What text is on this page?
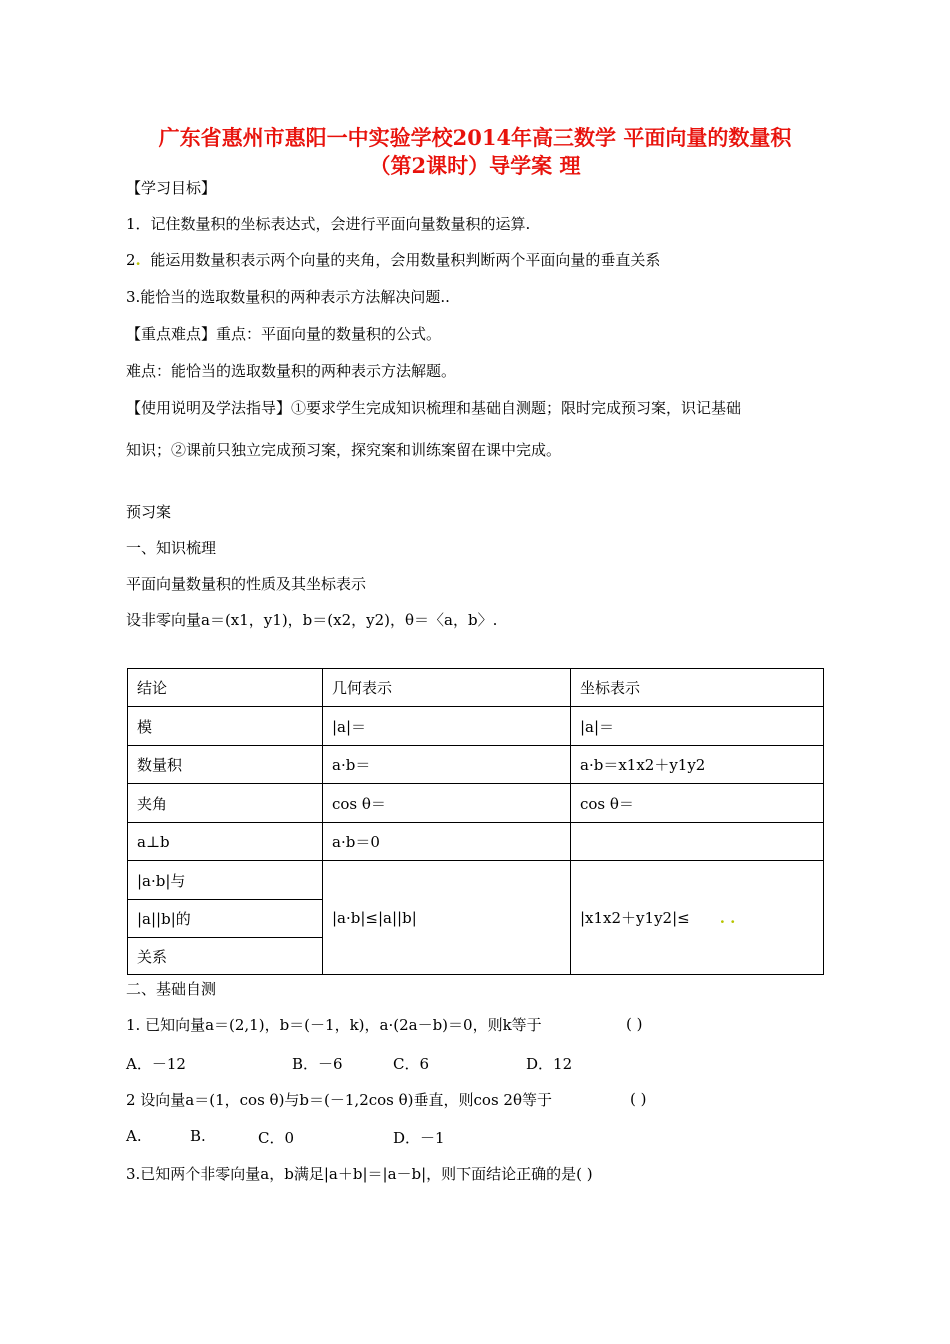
广东省惠州市惠阳一中实验学校2014年高三数学 平面向量的数量积
（第2课时）导学案 理
【学习目标】
1．记住数量积的坐标表达式，会进行平面向量数量积的运算.
2. 能运用数量积表示两个向量的夹角，会用数量积判断两个平面向量的垂直关系
3.能恰当的选取数量积的两种表示方法解决问题..
【重点难点】重点：平面向量的数量积的公式。
难点：能恰当的选取数量积的两种表示方法解题。
【使用说明及学法指导】①要求学生完成知识梳理和基础自测题；限时完成预习案，识记基础
知识；②课前只独立完成预习案，探究案和训练案留在课中完成。
预习案
一、知识梳理
平面向量数量积的性质及其坐标表示
设非零向量a＝(x1，y1)，b＝(x2，y2)，θ＝〈a，b〉.
结论	几何表示	坐标表示
模	|a|＝	|a|＝
数量积	a·b＝	a·b＝x1x2＋y1y2
夹角	cos θ＝	cos θ＝
a⊥b	a·b＝0	
|a·b|与	|a·b|≤|a||b|	|x1x2＋y1y2|≤ . .
|a||b|的		
关系		
二、基础自测
1. 已知向量a＝(2,1)，b＝(－1，k)，a·(2a－b)＝0，则k等于	( )
A．－12	B．－6	C．6	D．12
2 设向量a＝(1，cos θ)与b＝(－1,2cos θ)垂直，则cos 2θ等于	( )
A.	B.	C．0	D．－1
3.已知两个非零向量a，b满足|a＋b|＝|a－b|，则下面结论正确的是( )
